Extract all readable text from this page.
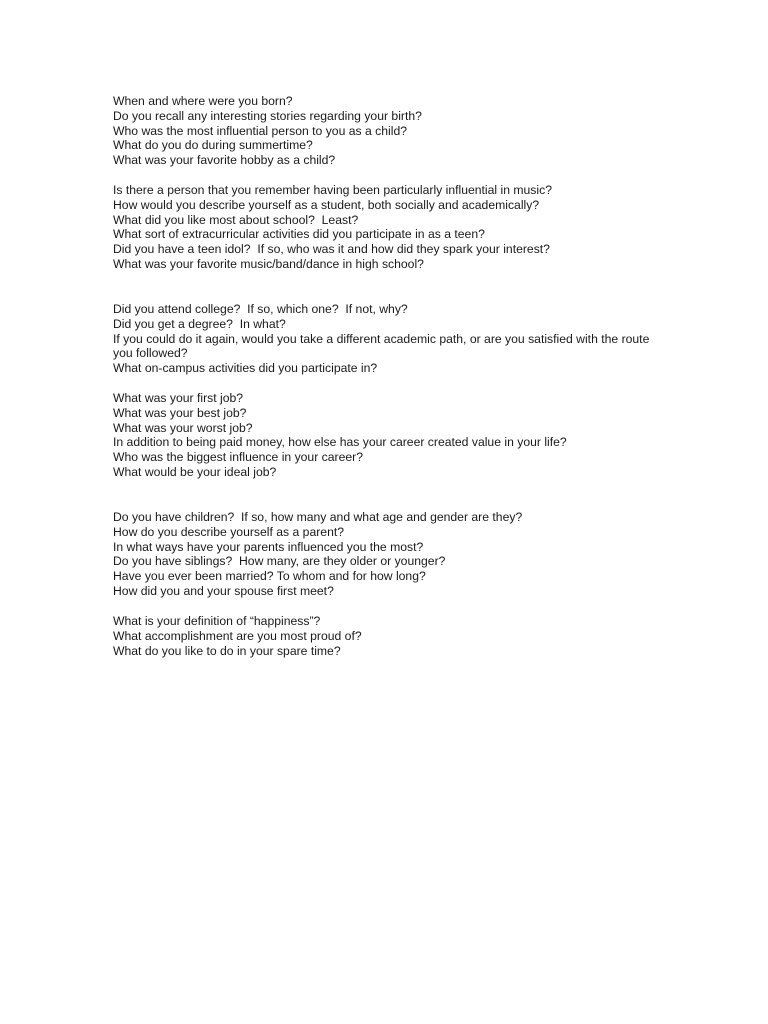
When and where were you born?
Do you recall any interesting stories regarding your birth?
Who was the most influential person to you as a child?
What do you do during summertime?
What was your favorite hobby as a child?
Is there a person that you remember having been particularly influential in music?
How would you describe yourself as a student, both socially and academically?
What did you like most about school?  Least?
What sort of extracurricular activities did you participate in as a teen?
Did you have a teen idol?  If so, who was it and how did they spark your interest?
What was your favorite music/band/dance in high school?
Did you attend college?  If so, which one?  If not, why?
Did you get a degree?  In what?
If you could do it again, would you take a different academic path, or are you satisfied with the route you followed?
What on-campus activities did you participate in?
What was your first job?
What was your best job?
What was your worst job?
In addition to being paid money, how else has your career created value in your life?
Who was the biggest influence in your career?
What would be your ideal job?
Do you have children?  If so, how many and what age and gender are they?
How do you describe yourself as a parent?
In what ways have your parents influenced you the most?
Do you have siblings?  How many, are they older or younger?
Have you ever been married? To whom and for how long?
How did you and your spouse first meet?
What is your definition of “happiness”?
What accomplishment are you most proud of?
What do you like to do in your spare time?
